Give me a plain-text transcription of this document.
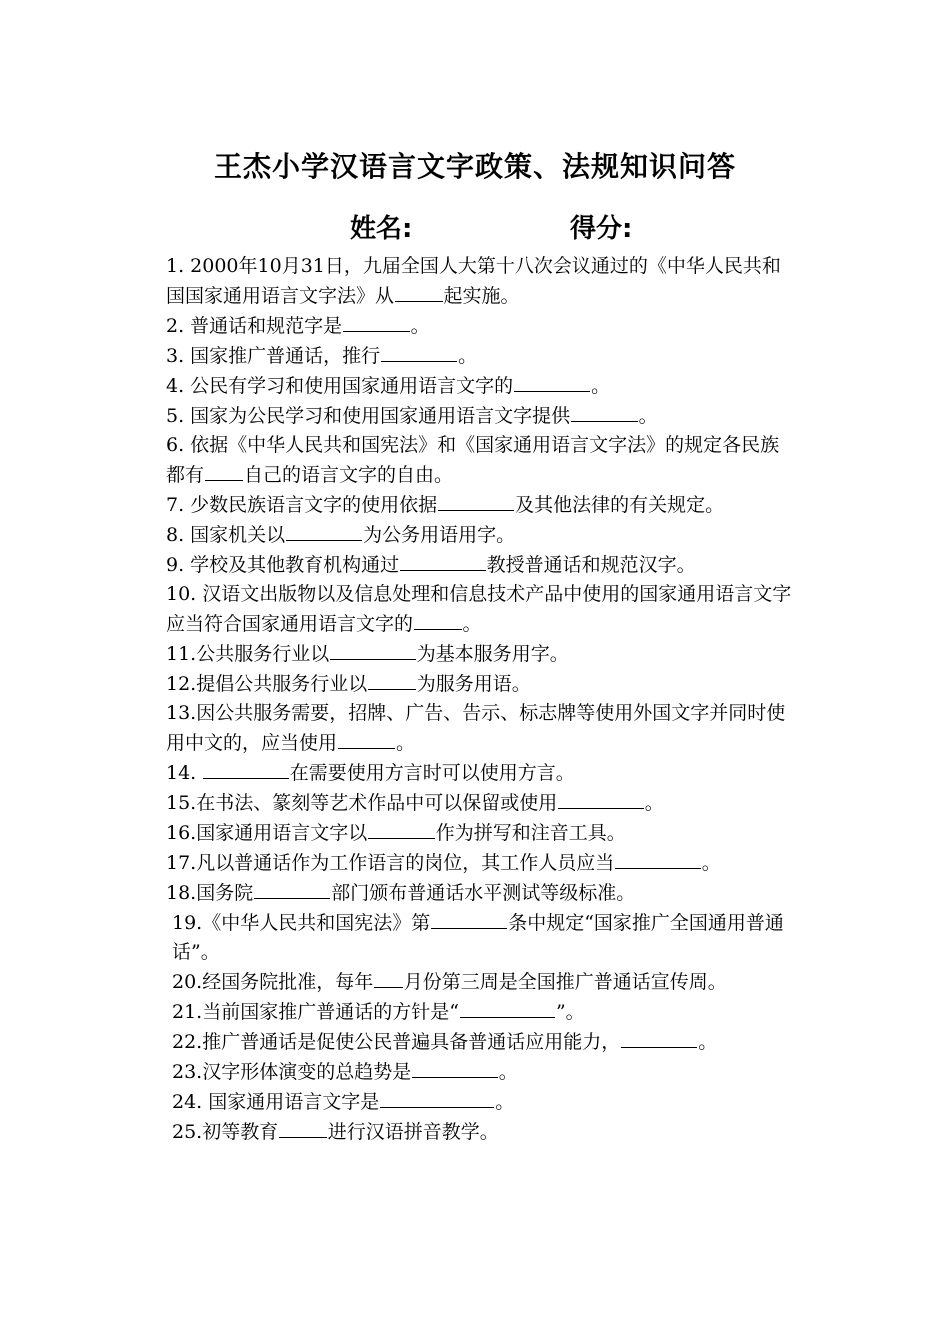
王杰小学汉语言文字政策、法规知识问答
姓名:	得分:

1. 2000年10月31日，九届全国人大第十八次会议通过的《中华人民共和国国家通用语言文字法》从	起实施。

2. 普通话和规范字是	。

3. 国家推广普通话，推行	。

4. 公民有学习和使用国家通用语言文字的	。

5. 国家为公民学习和使用国家通用语言文字提供	。

6. 依据《中华人民共和国宪法》和《国家通用语言文字法》的规定各民族都有 自己的语言文字的自由。

7. 少数民族语言文字的使用依据	及其他法律的有关规定。

8. 国家机关以	为公务用语用字。

9. 学校及其他教育机构通过	教授普通话和规范汉字。

10. 汉语文出版物以及信息处理和信息技术产品中使用的国家通用语言文字应当符合国家通用语言文字的	。

11.公共服务行业以	为基本服务用字。

12.提倡公共服务行业以	为服务用语。

13.因公共服务需要，招牌、广告、告示、标志牌等使用外国文字并同时使用中文的，应当使用	。

14.	在需要使用方言时可以使用方言。

15.在书法、篆刻等艺术作品中可以保留或使用	。

16.国家通用语言文字以	作为拼写和注音工具。

17.凡以普通话作为工作语言的岗位，其工作人员应当	。

18.国务院	部门颁布普通话水平测试等级标准。

19.《中华人民共和国宪法》第	条中规定“国家推广全国通用普通话”。

20.经国务院批准，每年 月份第三周是全国推广普通话宣传周。

21.当前国家推广普通话的方针是“	”。

22.推广普通话是促使公民普遍具备普通话应用能力，	。

23.汉字形体演变的总趋势是	。

24. 国家通用语言文字是	。

25.初等教育	进行汉语拼音教学。
